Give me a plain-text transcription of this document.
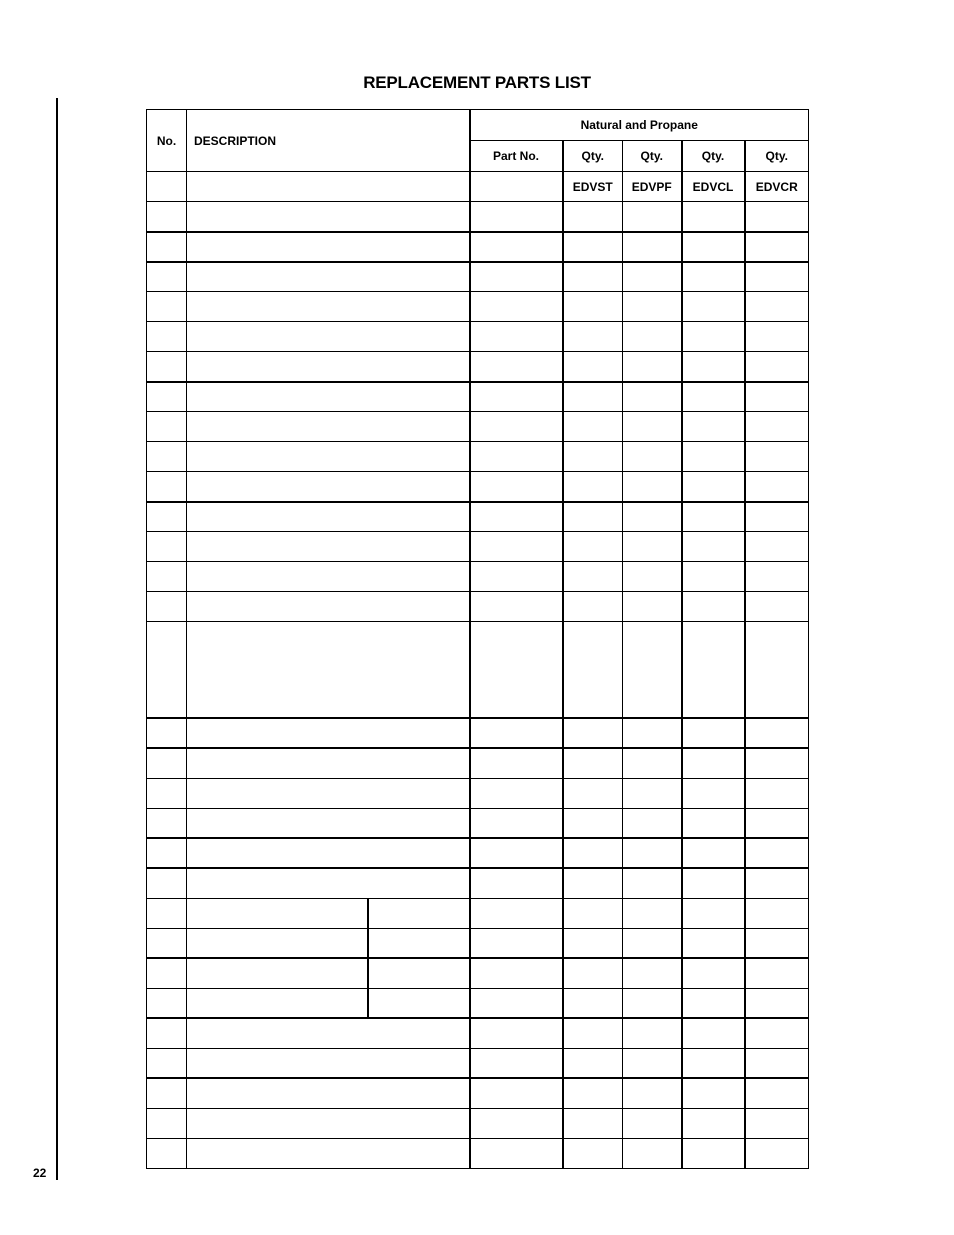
REPLACEMENT PARTS LIST
22
No.	DESCRIPTION	Natural and Propane				
		Part No.	Qty.	Qty.	Qty.	Qty.
			EDVST	EDVPF	EDVCL	EDVCR
